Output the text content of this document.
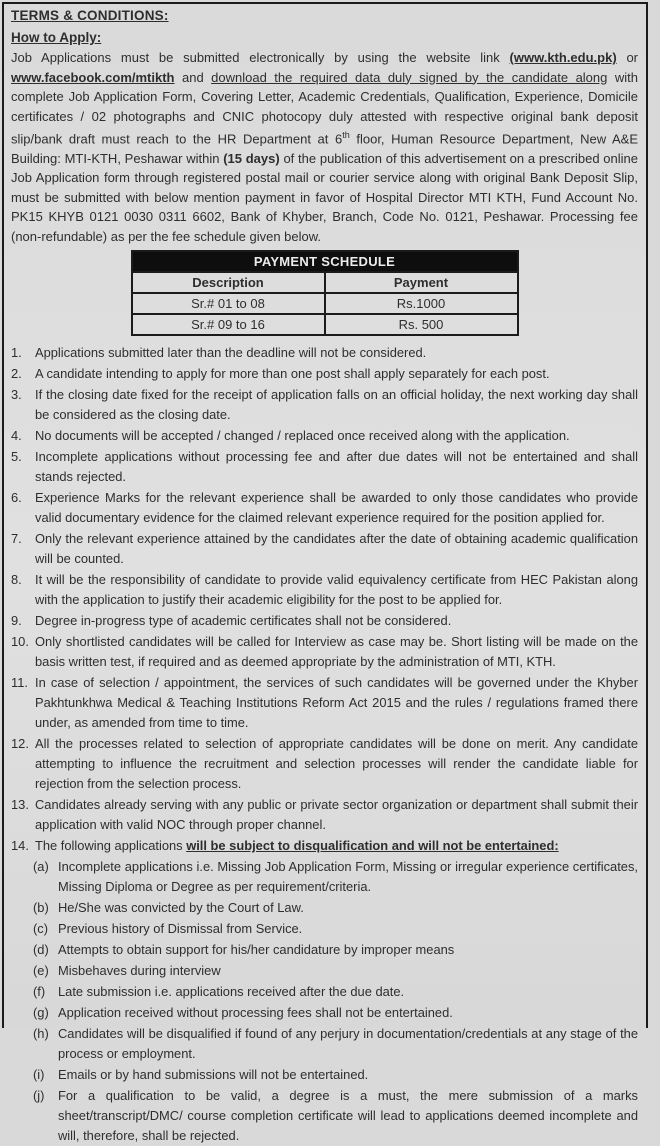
TERMS & CONDITIONS:
How to Apply:

Job Applications must be submitted electronically by using the website link (www.kth.edu.pk) or www.facebook.com/mtikth and download the required data duly signed by the candidate along with complete Job Application Form, Covering Letter, Academic Credentials, Qualification, Experience, Domicile certificates / 02 photographs and CNIC photocopy duly attested with respective original bank deposit slip/bank draft must reach to the HR Department at 6th floor, Human Resource Department, New A&E Building: MTI-KTH, Peshawar within (15 days) of the publication of this advertisement on a prescribed online Job Application form through registered postal mail or courier service along with original Bank Deposit Slip, must be submitted with below mention payment in favor of Hospital Director MTI KTH, Fund Account No. PK15 KHYB 0121 0030 0311 6602, Bank of Khyber, Branch, Code No. 0121, Peshawar. Processing fee (non-refundable) as per the fee schedule given below.

PAYMENT SCHEDULE	
Description	Payment
Sr.# 01 to 08	Rs.1000
Sr.# 09 to 16	Rs. 500
1.	Applications submitted later than the deadline will not be considered.
2.	A candidate intending to apply for more than one post shall apply separately for each post.
3.	If the closing date fixed for the receipt of application falls on an official holiday, the next working day shall be considered as the closing date.
4.	No documents will be accepted / changed / replaced once received along with the application.
5.	Incomplete applications without processing fee and after due dates will not be entertained and shall stands rejected.
6.	Experience Marks for the relevant experience shall be awarded to only those candidates who provide valid documentary evidence for the claimed relevant experience required for the position applied for.
7.	Only the relevant experience attained by the candidates after the date of obtaining academic qualification will be counted.
8.	It will be the responsibility of candidate to provide valid equivalency certificate from HEC Pakistan along with the application to justify their academic eligibility for the post to be applied for.
9.	Degree in-progress type of academic certificates shall not be considered.
10. Only shortlisted candidates will be called for Interview as case may be. Short listing will be made on the basis written test, if required and as deemed appropriate by the administration of MTI, KTH.
11. In case of selection / appointment, the services of such candidates will be governed under the Khyber Pakhtunkhwa Medical & Teaching Institutions Reform Act 2015 and the rules / regulations framed there under, as amended from time to time.
12. All the processes related to selection of appropriate candidates will be done on merit. Any candidate attempting to influence the recruitment and selection processes will render the candidate liable for rejection from the selection process.
13. Candidates already serving with any public or private sector organization or department shall submit their application with valid NOC through proper channel.
14. The following applications will be subject to disqualification and will not be entertained:
(a) Incomplete applications i.e. Missing Job Application Form, Missing or irregular experience certificates, Missing Diploma or Degree as per requirement/criteria.
(b) He/She was convicted by the Court of Law.
(c) Previous history of Dismissal from Service.
(d) Attempts to obtain support for his/her candidature by improper means
(e) Misbehaves during interview
(f) Late submission i.e. applications received after the due date.
(g) Application received without processing fees shall not be entertained.
(h) Candidates will be disqualified if found of any perjury in documentation/credentials at any stage of the process or employment.
(i)	Emails or by hand submissions will not be entertained.
(j)	For a qualification to be valid, a degree is a must, the mere submission of a marks sheet/transcript/DMC/ course completion certificate will lead to applications deemed incomplete and will, therefore, shall be rejected.
